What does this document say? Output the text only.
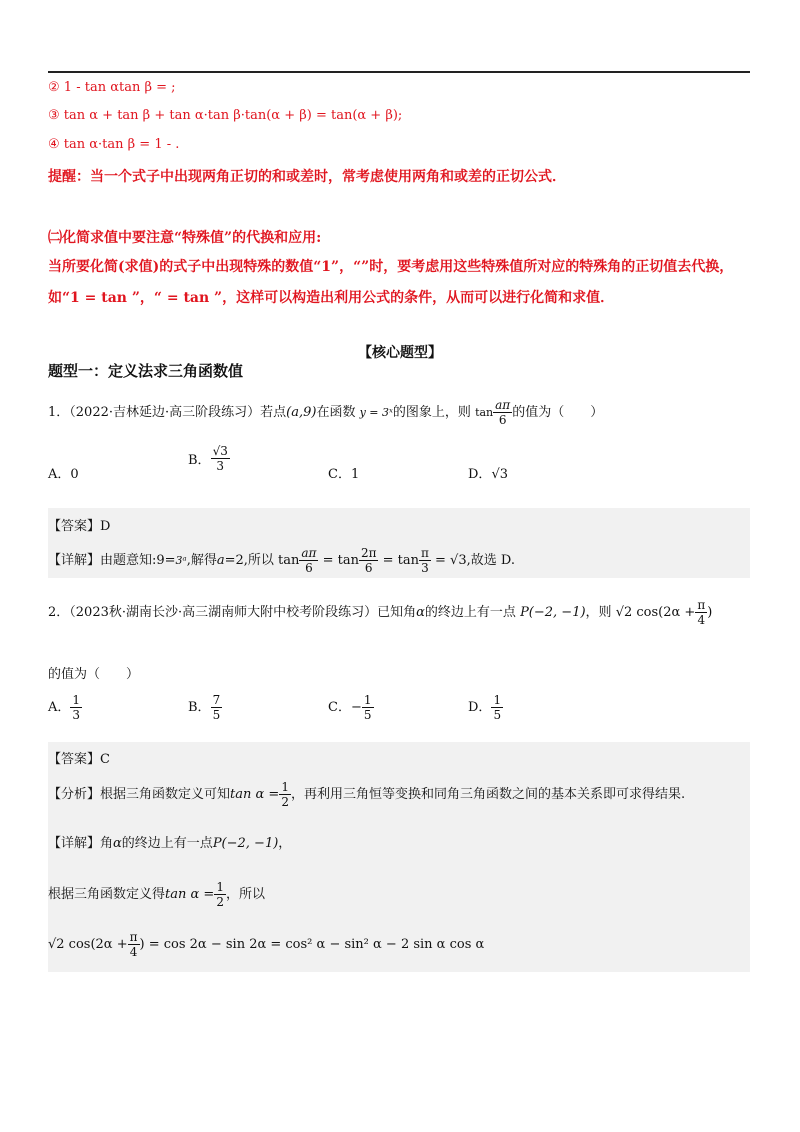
② 1 - tan αtan β = ;
③ tan α + tan β + tan α·tan β·tan(α + β) = tan(α + β);
④ tan α·tan β = 1 - .
提醒：当一个式子中出现两角正切的和或差时，常考虑使用两角和或差的正切公式．
㈡化简求值中要注意“特殊值”的代换和应用:
当所要化简(求值)的式子中出现特殊的数值“1”，“”时，要考虑用这些特殊值所对应的特殊角的正切值去代换，
如“1 = tan ”，“ = tan ”，这样可以构造出利用公式的条件，从而可以进行化简和求值．
【核心题型】
题型一：定义法求三角函数值
1．（2022·吉林延边·高三阶段练习）若点(a,9)在函数 y = 3ˣ的图象上，则 $\tan \frac{a\pi}{6}$ 的值为（　　）
A．0
B． $\frac{√3}{3}$
C．1	D．√3
【答案】D
【详解】由题意知:9=3ᵃ,解得a=2,所以 $\tan \frac{a\pi}{6} = \tan \frac{2\pi}{6} = \tan \frac{\pi}{3} = √3$,故选 D.
2．（2023秋·湖南长沙·高三湖南师大附中校考阶段练习）已知角α的终边上有一点 P(−2, −1)，则 √2 $\cos(2\alpha + \frac{\pi}{4}$ )
的值为（　　）
A． $\frac{1}{3}$	B． $\frac{7}{5}$	C．− $\frac{1}{5}$	D． $\frac{1}{5}$
【答案】C
【分析】根据三角函数定义可知$\tan \alpha = \frac{1}{2}$ ，再利用三角恒等变换和同角三角函数之间的基本关系即可求得结果.
【详解】角α的终边上有一点P(−2, −1)，
根据三角函数定义得$\tan \alpha = \frac{1}{2}$ ，所以
√2 $\cos(2\alpha + \frac{\pi}{4}$ ) = cos 2α − sin 2α = cos² α − sin² α − 2 sin α cos α
